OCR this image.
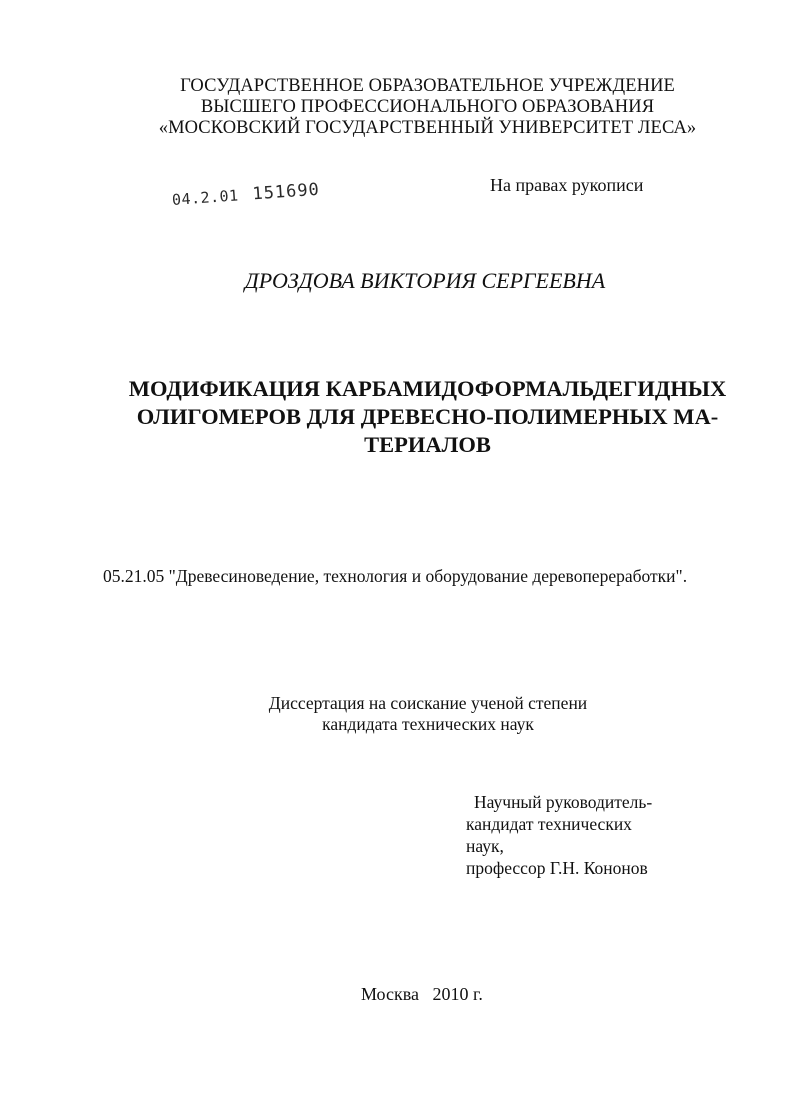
ГОСУДАРСТВЕННОЕ ОБРАЗОВАТЕЛЬНОЕ УЧРЕЖДЕНИЕ
ВЫСШЕГО ПРОФЕССИОНАЛЬНОГО ОБРАЗОВАНИЯ
«МОСКОВСКИЙ ГОСУДАРСТВЕННЫЙ УНИВЕРСИТЕТ ЛЕСА»
На правах рукописи
04.2.01 151690
ДРОЗДОВА ВИКТОРИЯ СЕРГЕЕВНА
МОДИФИКАЦИЯ КАРБАМИДОФОРМАЛЬДЕГИДНЫХ
ОЛИГОМЕРОВ ДЛЯ ДРЕВЕСНО-ПОЛИМЕРНЫХ МА-
ТЕРИАЛОВ
05.21.05 "Древесиноведение, технология и оборудование деревопереработки".
Диссертация на соискание ученой степени
кандидата технических наук
Научный руководитель-
кандидат технических
наук,
профессор Г.Н. Кононов
Москва   2010 г.
